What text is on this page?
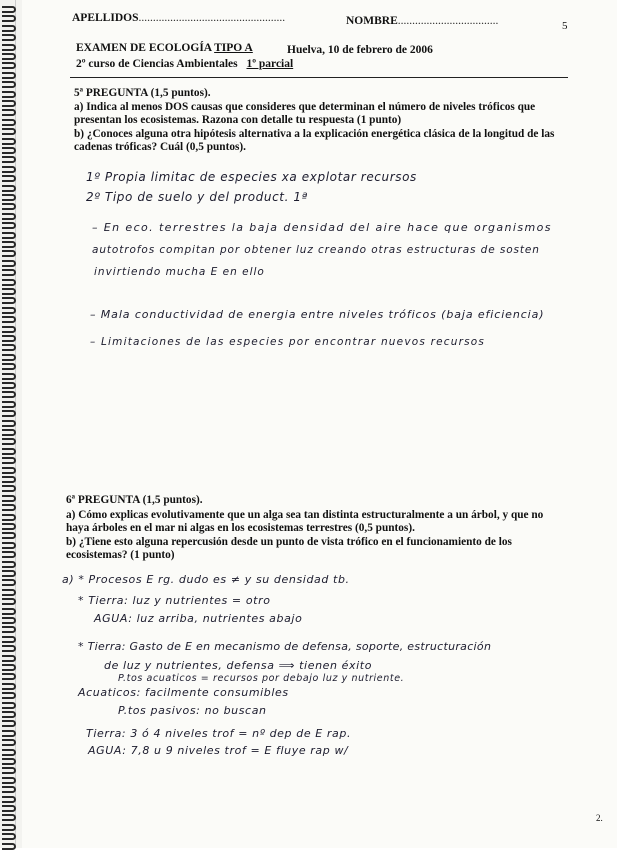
APELLIDOS...................................................	NOMBRE...................................	5
EXAMEN DE ECOLOGÍA TIPO A	Huelva, 10 de febrero de 2006
2º curso de Ciencias Ambientales 1º parcial
5ª PREGUNTA (1,5 puntos).
a) Indica al menos DOS causas que consideres que determinan el número de niveles tróficos que presentan los ecosistemas. Razona con detalle tu respuesta (1 punto)
b) ¿Conoces alguna otra hipótesis alternativa a la explicación energética clásica de la longitud de las cadenas tróficas? Cuál (0,5 puntos).
1º Propia limitac de especies xa explotar recursos
2º Tipo de suelo y del product. 1ª
– En eco. terrestres la baja densidad del aire hace que organismos
autotrofos compitan por obtener luz creando otras estructuras de sosten
invirtiendo mucha E en ello
– Mala conductividad de energia entre niveles tróficos (baja eficiencia)
– Limitaciones de las especies por encontrar nuevos recursos
6ª PREGUNTA (1,5 puntos).
a) Cómo explicas evolutivamente que un alga sea tan distinta estructuralmente a un árbol, y que no haya árboles en el mar ni algas en los ecosistemas terrestres (0,5 puntos).
b) ¿Tiene esto alguna repercusión desde un punto de vista trófico en el funcionamiento de los ecosistemas? (1 punto)
a) * Procesos E rg. dudo es ≠ y su densidad tb.
* Tierra: luz y nutrientes = otro
AGUA: luz arriba, nutrientes abajo
* Tierra: Gasto de E en mecanismo de defensa, soporte, estructuración
de luz y nutrientes, defensa ⟹ tienen éxito
P.tos acuaticos = recursos por debajo luz y nutriente.
Acuaticos: facilmente consumibles
P.tos pasivos: no buscan
Tierra: 3 ó 4 niveles trof = nº dep de E rap.
AGUA: 7,8 u 9 niveles trof = E fluye rap w/
2.
